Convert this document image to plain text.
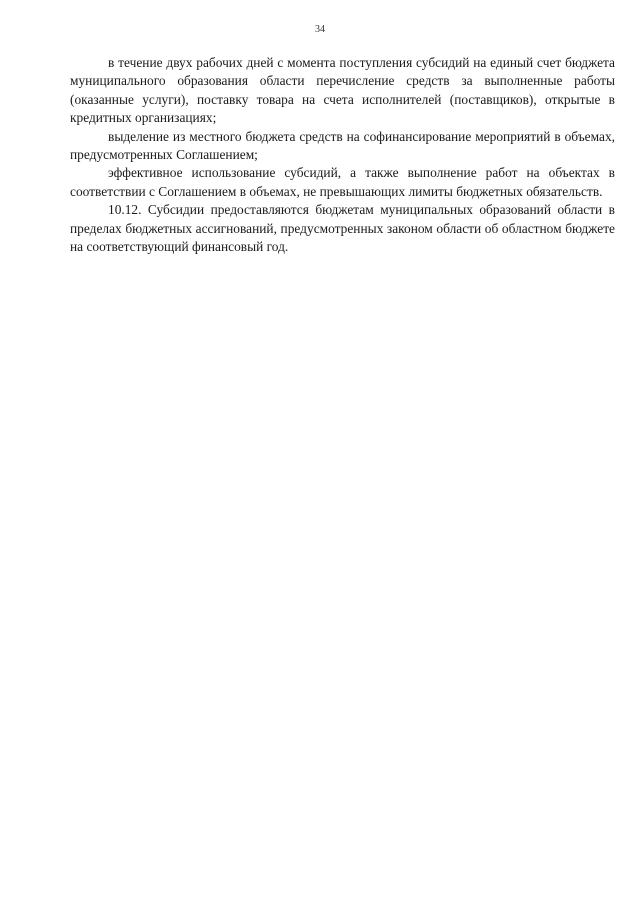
34

в течение двух рабочих дней с момента поступления субсидий на единый счет бюджета муниципального образования области перечисление средств за выполненные работы (оказанные услуги), поставку товара на счета исполнителей (поставщиков), открытые в кредитных организациях;

выделение из местного бюджета средств на софинансирование мероприятий в объемах, предусмотренных Соглашением;

эффективное использование субсидий, а также выполнение работ на объектах в соответствии с Соглашением в объемах, не превышающих лимиты бюджетных обязательств.

10.12. Субсидии предоставляются бюджетам муниципальных образований области в пределах бюджетных ассигнований, предусмотренных законом области об областном бюджете на соответствующий финансовый год.
